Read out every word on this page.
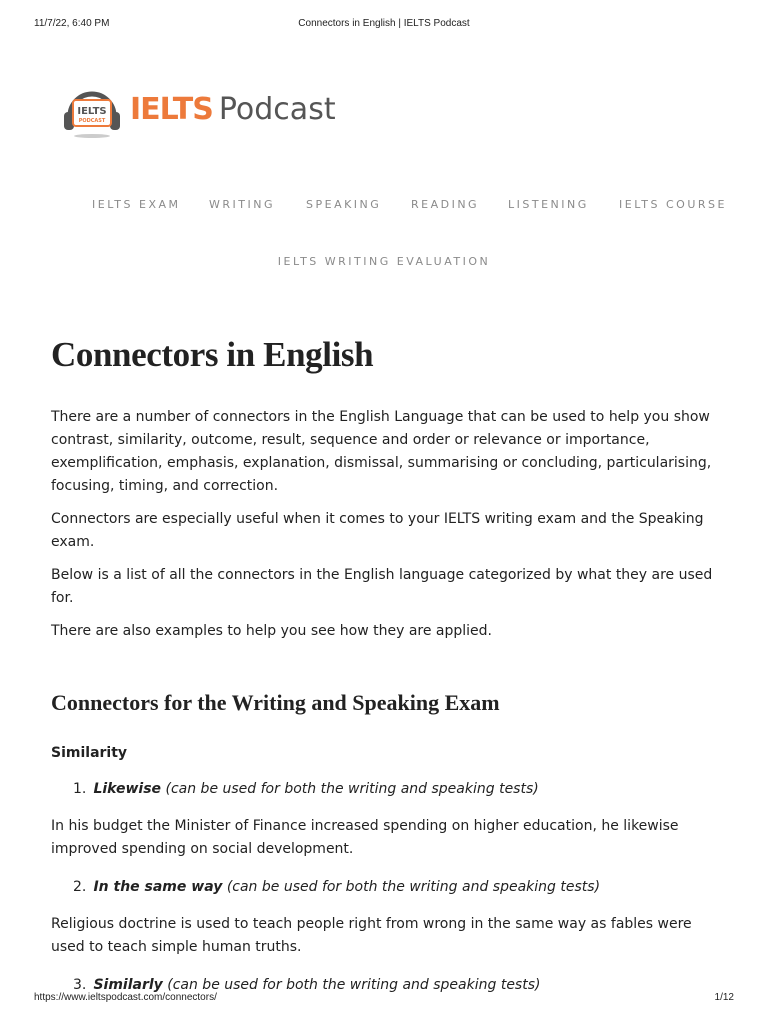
11/7/22, 6:40 PM	Connectors in English | IELTS Podcast
IELTS
PODCAST IELTS Podcast
IELTS EXAM	WRITING	SPEAKING	READING	LISTENING	IELTS COURSE
IELTS WRITING EVALUATION
Connectors in English

There are a number of connectors in the English Language that can be used to help you show contrast, similarity, outcome, result, sequence and order or relevance or importance, exemplification, emphasis, explanation, dismissal, summarising or concluding, particularising, focusing, timing, and correction.

Connectors are especially useful when it comes to your IELTS writing exam and the Speaking exam.

Below is a list of all the connectors in the English language categorized by what they are used for.

There are also examples to help you see how they are applied.

Connectors for the Writing and Speaking Exam
Similarity
1. Likewise (can be used for both the writing and speaking tests)

In his budget the Minister of Finance increased spending on higher education, he likewise improved spending on social development.

2. In the same way (can be used for both the writing and speaking tests)

Religious doctrine is used to teach people right from wrong in the same way as fables were used to teach simple human truths.

3. Similarly (can be used for both the writing and speaking tests)
https://www.ieltspodcast.com/connectors/	1/12
